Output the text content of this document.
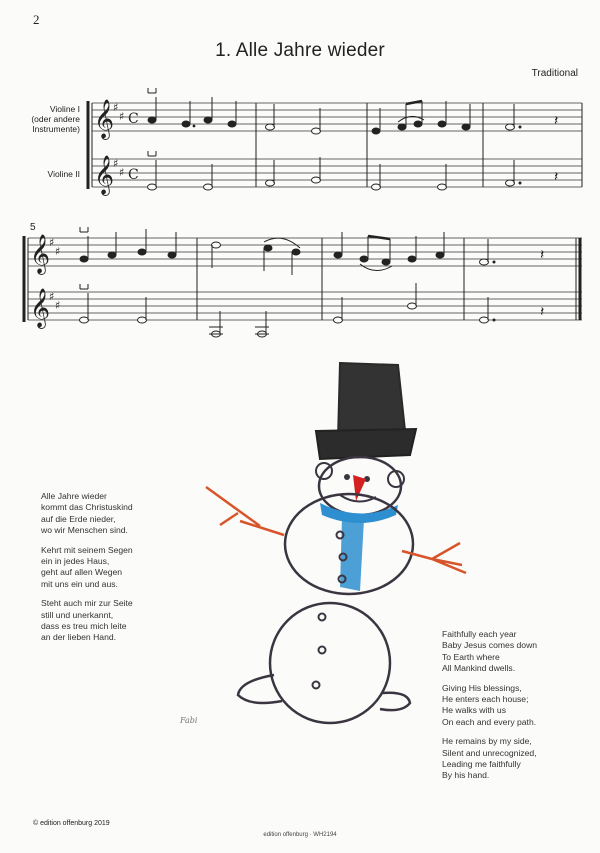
2
1. Alle Jahre wieder
Traditional
Violine I
(oder andere
Instrumente)
Violine II
5
𝄞
𝄞
𝄞
𝄞
♯
♯
♯
♯
♯
♯
♯
♯
C
C
𝄽
𝄽
𝄽
𝄽
Fabi

Alle Jahre wieder
kommt das Christuskind
auf die Erde nieder,
wo wir Menschen sind.

Kehrt mit seinem Segen
ein in jedes Haus,
geht auf allen Wegen
mit uns ein und aus.

Steht auch mir zur Seite
still und unerkannt,
dass es treu mich leite
an der lieben Hand.	Faithfully each year
Baby Jesus comes down
To Earth where
All Mankind dwells.

Giving His blessings,
He enters each house;
He walks with us
On each and every path.

He remains by my side,
Silent and unrecognized,
Leading me faithfully
By his hand.

© edition offenburg 2019
edition offenburg · WH2194
